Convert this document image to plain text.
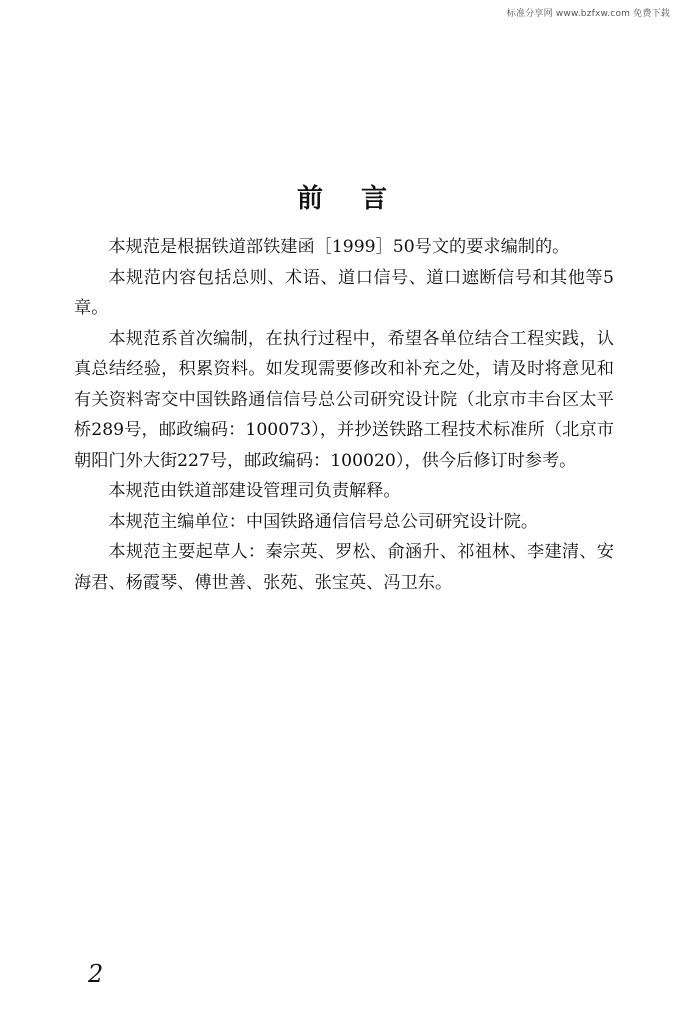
标准分享网 www.bzfxw.com 免费下载
前言

本规范是根据铁道部铁建函［1999］50号文的要求编制的。

本规范内容包括总则、术语、道口信号、道口遮断信号和其他等5章。

本规范系首次编制，在执行过程中，希望各单位结合工程实践，认真总结经验，积累资料。如发现需要修改和补充之处，请及时将意见和有关资料寄交中国铁路通信信号总公司研究设计院（北京市丰台区太平桥289号，邮政编码：100073），并抄送铁路工程技术标准所（北京市朝阳门外大街227号，邮政编码：100020），供今后修订时参考。

本规范由铁道部建设管理司负责解释。

本规范主编单位：中国铁路通信信号总公司研究设计院。

本规范主要起草人：秦宗英、罗松、俞涵升、祁祖林、李建清、安海君、杨霞琴、傅世善、张苑、张宝英、冯卫东。

2
